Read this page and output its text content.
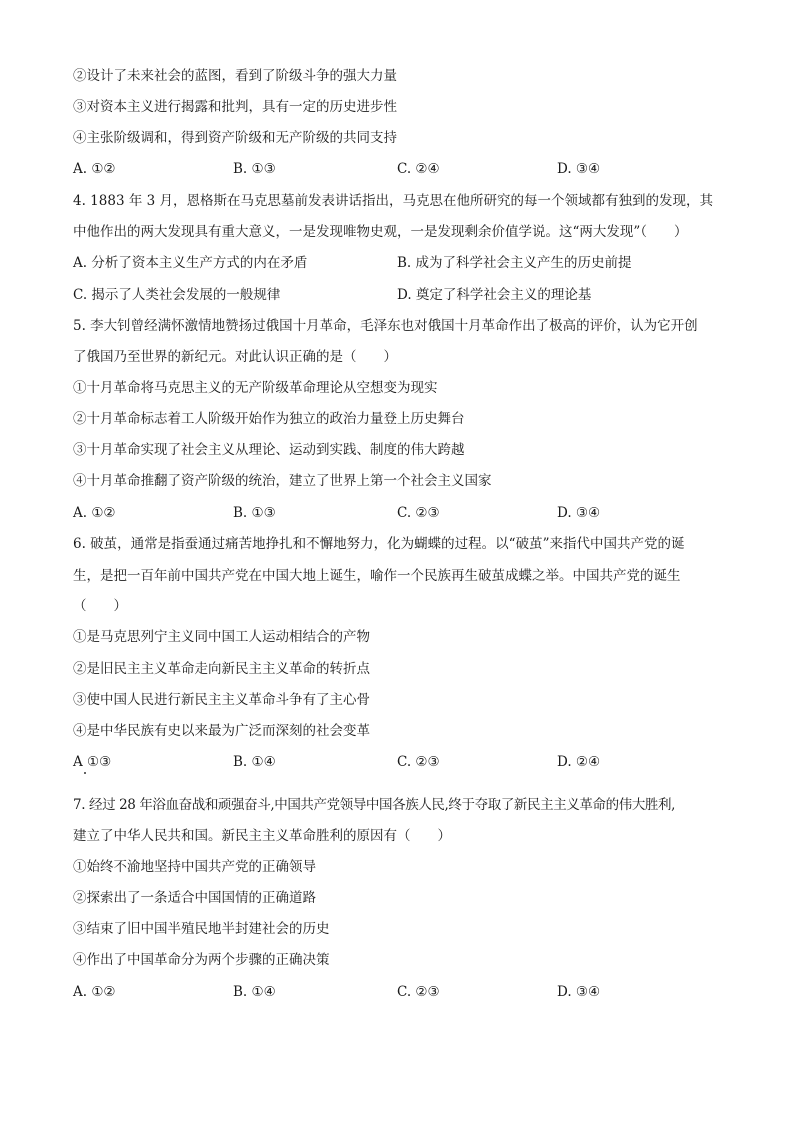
②设计了未来社会的蓝图，看到了阶级斗争的强大力量
③对资本主义进行揭露和批判，具有一定的历史进步性
④主张阶级调和，得到资产阶级和无产阶级的共同支持
A. ①②	B. ①③	C. ②④	D. ③④
4. 1883 年 3 月，恩格斯在马克思墓前发表讲话指出，马克思在他所研究的每一个领域都有独到的发现，其
中他作出的两大发现具有重大意义，一是发现唯物史观，一是发现剩余价值学说。这“两大发现”（　　）
A. 分析了资本主义生产方式的内在矛盾	B. 成为了科学社会主义产生的历史前提
C. 揭示了人类社会发展的一般规律	D. 奠定了科学社会主义的理论基
5. 李大钊曾经满怀激情地赞扬过俄国十月革命，毛泽东也对俄国十月革命作出了极高的评价，认为它开创
了俄国乃至世界的新纪元。对此认识正确的是（　　）
①十月革命将马克思主义的无产阶级革命理论从空想变为现实
②十月革命标志着工人阶级开始作为独立的政治力量登上历史舞台
③十月革命实现了社会主义从理论、运动到实践、制度的伟大跨越
④十月革命推翻了资产阶级的统治，建立了世界上第一个社会主义国家
A. ①②	B. ①③	C. ②③	D. ③④
6. 破茧，通常是指蚕通过痛苦地挣扎和不懈地努力，化为蝴蝶的过程。以“破茧”来指代中国共产党的诞
生，是把一百年前中国共产党在中国大地上诞生，喻作一个民族再生破茧成蝶之举。中国共产党的诞生
（　　）
①是马克思列宁主义同中国工人运动相结合的产物
②是旧民主主义革命走向新民主主义革命的转折点
③使中国人民进行新民主主义革命斗争有了主心骨
④是中华民族有史以来最为广泛而深刻的社会变革
A ①③	B. ①④	C. ②③	D. ②④
7. 经过 28 年浴血奋战和顽强奋斗,中国共产党领导中国各族人民,终于夺取了新民主主义革命的伟大胜利,
建立了中华人民共和国。新民主主义革命胜利的原因有（　　）
①始终不渝地坚持中国共产党的正确领导
②探索出了一条适合中国国情的正确道路
③结束了旧中国半殖民地半封建社会的历史
④作出了中国革命分为两个步骤的正确决策
A. ①②	B. ①④	C. ②③	D. ③④
